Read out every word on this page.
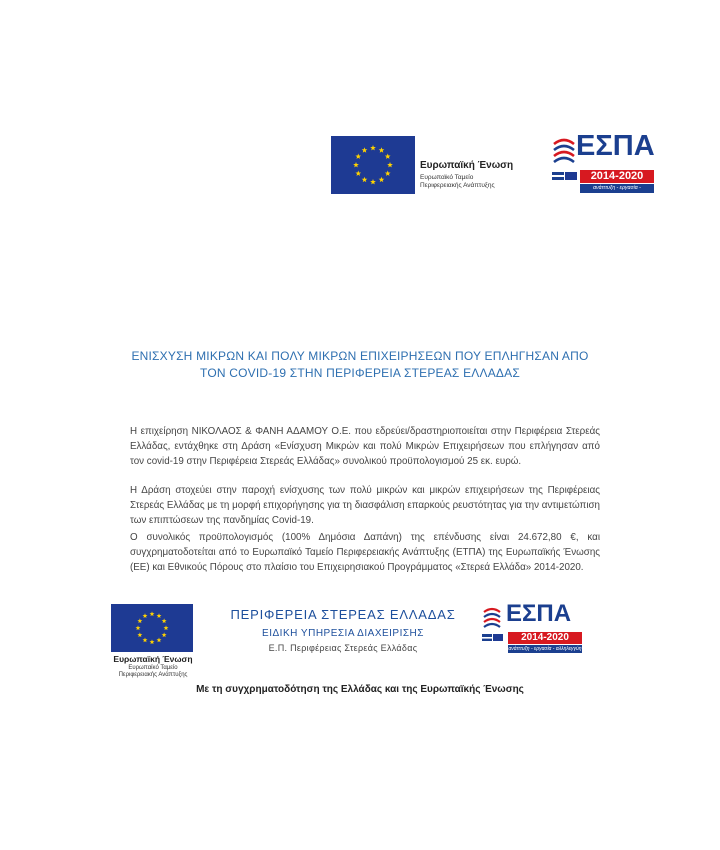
Ευρωπαϊκή Ένωση
Ευρωπαϊκό Ταμείο
Περιφερειακής Ανάπτυξης
ΕΣΠΑ
2014-2020
ανάπτυξη - εργασία - αλληλεγγύη
ΕΝΙΣΧΥΣΗ ΜΙΚΡΩΝ ΚΑΙ ΠΟΛΥ ΜΙΚΡΩΝ ΕΠΙΧΕΙΡΗΣΕΩΝ ΠΟΥ ΕΠΛΗΓΗΣΑΝ ΑΠΟ
ΤΟΝ COVID-19 ΣΤΗΝ ΠΕΡΙΦΕΡΕΙΑ ΣΤΕΡΕΑΣ ΕΛΛΑΔΑΣ
Η επιχείρηση ΝΙΚΟΛΑΟΣ & ΦΑΝΗ ΑΔΑΜΟΥ Ο.Ε. που εδρεύει/δραστηριοποιείται στην Περιφέρεια Στερεάς Ελλάδας, εντάχθηκε στη Δράση «Ενίσχυση Μικρών και πολύ Μικρών Επιχειρήσεων που επλήγησαν από τον covid-19 στην Περιφέρεια Στερεάς Ελλάδας» συνολικού προϋπολογισμού 25 εκ. ευρώ.
Η Δράση στοχεύει στην παροχή ενίσχυσης των πολύ μικρών και μικρών επιχειρήσεων της Περιφέρειας Στερεάς Ελλάδας με τη μορφή επιχορήγησης για τη διασφάλιση επαρκούς ρευστότητας για την αντιμετώπιση των επιπτώσεων της πανδημίας Covid-19.
Ο συνολικός προϋπολογισμός (100% Δημόσια Δαπάνη) της επένδυσης είναι 24.672,80 €, και συγχρηματοδοτείται από το Ευρωπαϊκό Ταμείο Περιφερειακής Ανάπτυξης (ΕΤΠΑ) της Ευρωπαϊκής Ένωσης (ΕΕ) και Εθνικούς Πόρους στο πλαίσιο του Επιχειρησιακού Προγράμματος «Στερεά Ελλάδα» 2014-2020.
Ευρωπαϊκή Ένωση
Ευρωπαϊκό Ταμείο
Περιφερειακής Ανάπτυξης
ΠΕΡΙΦΕΡΕΙΑ ΣΤΕΡΕΑΣ ΕΛΛΑΔΑΣ
ΕΙΔΙΚΗ ΥΠΗΡΕΣΙΑ ΔΙΑΧΕΙΡΙΣΗΣ
Ε.Π. Περιφέρειας Στερεάς Ελλάδας
ΕΣΠΑ
2014-2020
ανάπτυξη - εργασία - αλληλεγγύη
Με τη συγχρηματοδότηση της Ελλάδας και της Ευρωπαϊκής Ένωσης
